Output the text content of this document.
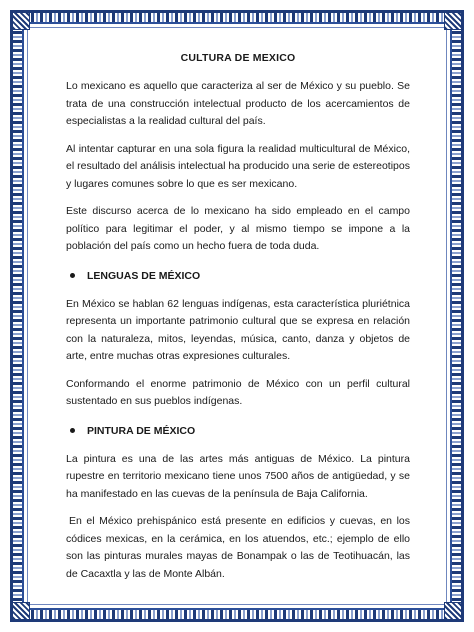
CULTURA DE MEXICO

Lo mexicano es aquello que caracteriza al ser de México y su pueblo. Se trata de una construcción intelectual producto de los acercamientos de especialistas a la realidad cultural del país.

Al intentar capturar en una sola figura la realidad multicultural de México, el resultado del análisis intelectual ha producido una serie de estereotipos y lugares comunes sobre lo que es ser mexicano.

Este discurso acerca de lo mexicano ha sido empleado en el campo político para legitimar el poder, y al mismo tiempo se impone a la población del país como un hecho fuera de toda duda.

LENGUAS DE MÉXICO

En México se hablan 62 lenguas indígenas, esta característica pluriétnica representa un importante patrimonio cultural que se expresa en relación con la naturaleza, mitos, leyendas, música, canto, danza y objetos de arte, entre muchas otras expresiones culturales.

Conformando el enorme patrimonio de México con un perfil cultural sustentado en sus pueblos indígenas.

PINTURA DE MÉXICO

La pintura es una de las artes más antiguas de México. La pintura rupestre en territorio mexicano tiene unos 7500 años de antigüedad, y se ha manifestado en las cuevas de la península de Baja California.

En el México prehispánico está presente en edificios y cuevas, en los códices mexicas, en la cerámica, en los atuendos, etc.; ejemplo de ello son las pinturas murales mayas de Bonampak o las de Teotihuacán, las de Cacaxtla y las de Monte Albán.
